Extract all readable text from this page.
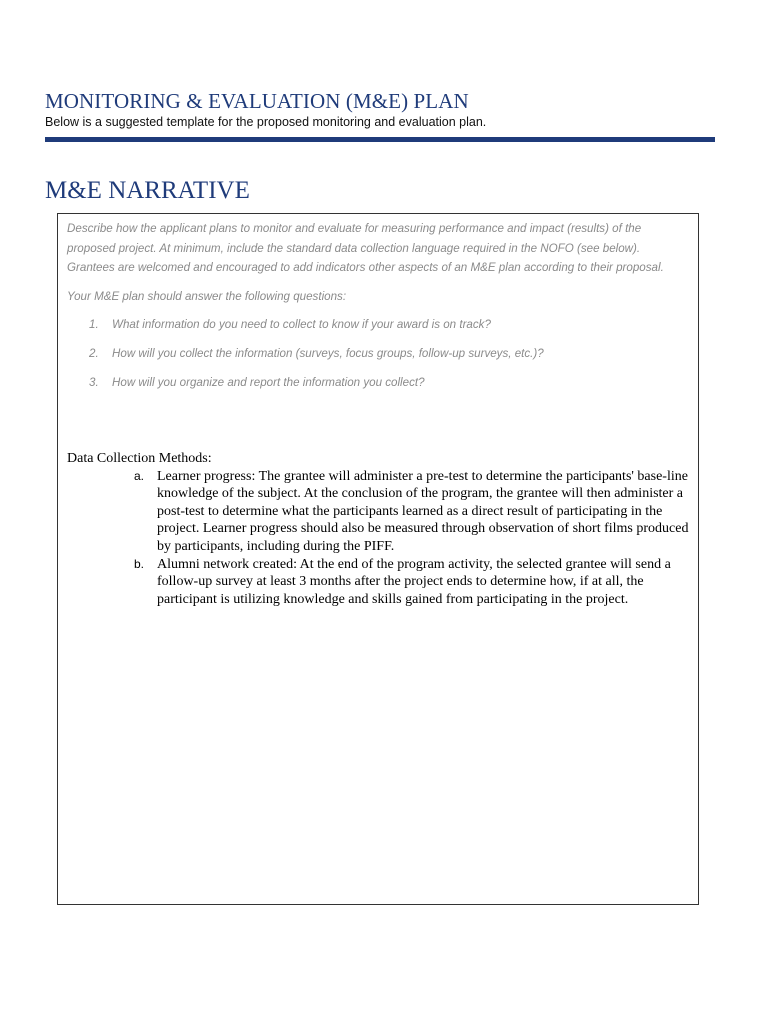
MONITORING & EVALUATION (M&E) PLAN
Below is a suggested template for the proposed monitoring and evaluation plan.
M&E NARRATIVE

Describe how the applicant plans to monitor and evaluate for measuring performance and impact (results) of the proposed project. At minimum, include the standard data collection language required in the NOFO (see below). Grantees are welcomed and encouraged to add indicators other aspects of an M&E plan according to their proposal.

Your M&E plan should answer the following questions:

1. What information do you need to collect to know if your award is on track?
2. How will you collect the information (surveys, focus groups, follow-up surveys, etc.)?
3. How will you organize and report the information you collect?

Data Collection Methods:

a. Learner progress: The grantee will administer a pre-test to determine the participants' base-line knowledge of the subject. At the conclusion of the program, the grantee will then administer a post-test to determine what the participants learned as a direct result of participating in the project. Learner progress should also be measured through observation of short films produced by participants, including during the PIFF.
b. Alumni network created: At the end of the program activity, the selected grantee will send a follow-up survey at least 3 months after the project ends to determine how, if at all, the participant is utilizing knowledge and skills gained from participating in the project.
